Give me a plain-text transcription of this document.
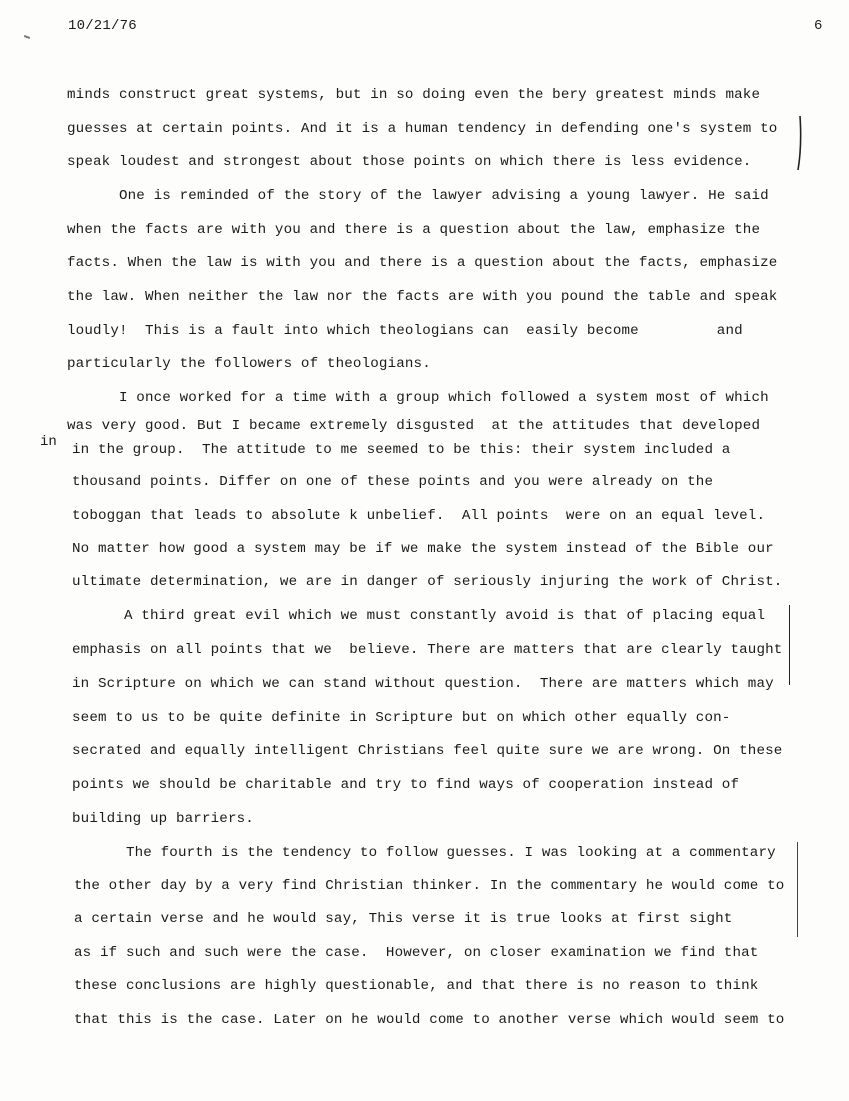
10/21/76	6
minds construct great systems, but in so doing even the bery greatest minds make
guesses at certain points. And it is a human tendency in defending one's system to
speak loudest and strongest about those points on which there is less evidence.
One is reminded of the story of the lawyer advising a young lawyer. He said
when the facts are with you and there is a question about the law, emphasize the
facts. When the law is with you and there is a question about the facts, emphasize
the law. When neither the law nor the facts are with you pound the table and speak
loudly!  This is a fault into which theologians can  easily become         and
particularly the followers of theologians.
I once worked for a time with a group which followed a system most of which
was very good. But I became extremely disgusted  at the attitudes that developed
in in the group.  The attitude to me seemed to be this: their system included a
thousand points. Differ on one of these points and you were already on the
toboggan that leads to absolute k unbelief.  All points  were on an equal level.
No matter how good a system may be if we make the system instead of the Bible our
ultimate determination, we are in danger of seriously injuring the work of Christ.
A third great evil which we must constantly avoid is that of placing equal
emphasis on all points that we  believe. There are matters that are clearly taught
in Scripture on which we can stand without question.  There are matters which may
seem to us to be quite definite in Scripture but on which other equally con-
secrated and equally intelligent Christians feel quite sure we are wrong. On these
points we should be charitable and try to find ways of cooperation instead of
building up barriers.
The fourth is the tendency to follow guesses. I was looking at a commentary
the other day by a very find Christian thinker. In the commentary he would come to
a certain verse and he would say, This verse it is true looks at first sight
as if such and such were the case.  However, on closer examination we find that
these conclusions are highly questionable, and that there is no reason to think
that this is the case. Later on he would come to another verse which would seem to
